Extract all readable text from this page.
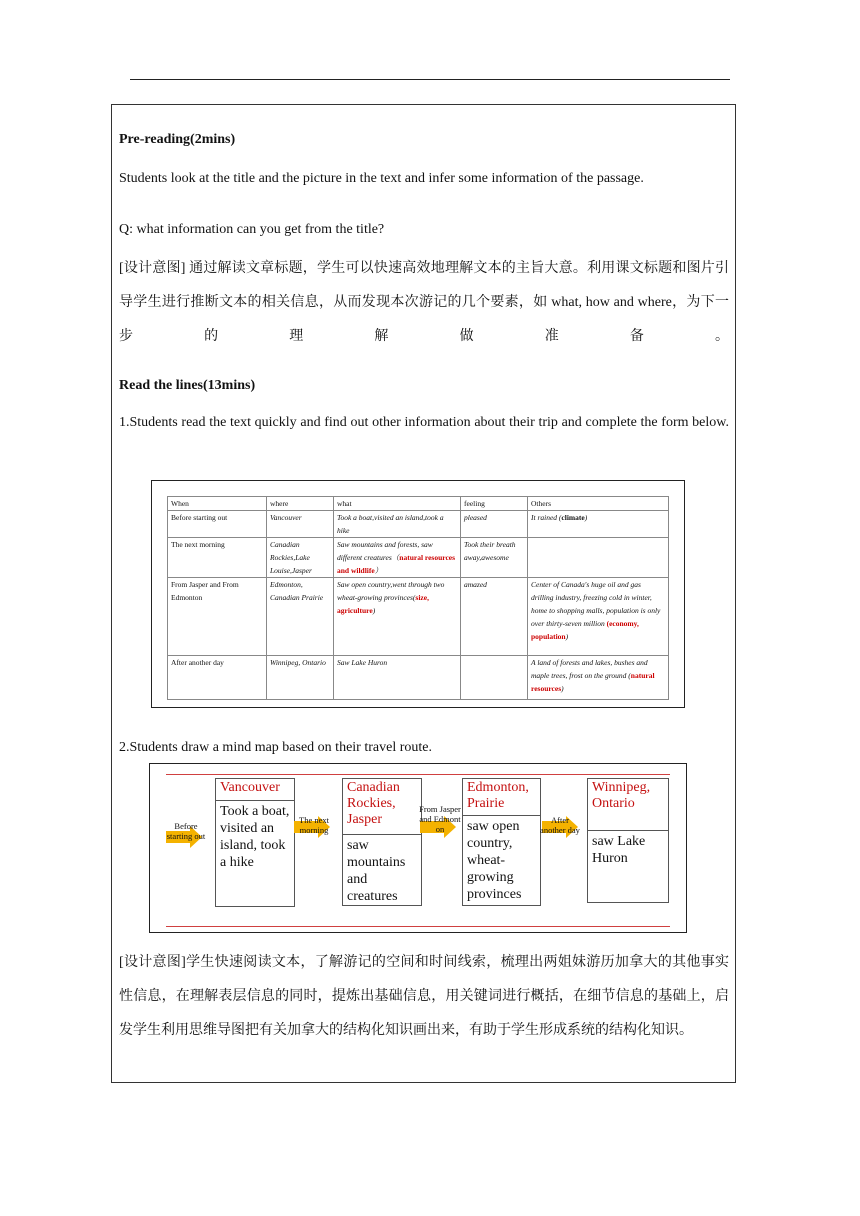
Pre-reading(2mins)
Students look at the title and the picture in the text and infer some information of the passage.
Q: what information can you get from the title?
[设计意图] 通过解读文章标题，学生可以快速高效地理解文本的主旨大意。利用课文标题和图片引导学生进行推断文本的相关信息，从而发现本次游记的几个要素，如 what, how and where，为下一步的理解做准备。
Read the lines(13mins)
1.Students read the text quickly and find out other information about their trip and complete the form below.
When	where	what	feeling	Others
Before starting out	Vancouver	Took a boat,visited an island,took a hike	pleased	It rained (climate)
The next morning	Canadian Rockies,Lake Louise,Jasper	Saw mountains and forests, saw different creatures（natural resources and wildlife）	Took their breath away,awesome	
From Jasper and From Edmonton	Edmonton, Canadian Prairie	Saw open country,went through two wheat-growing provinces(size, agriculture)	amazed	Center of Canada's huge oil and gas drilling industry, freezing cold in winter, home to shopping malls, population is only over thirty-seven million (economy, population)
After another day	Winnipeg, Ontario	Saw Lake Huron		A land of forests and lakes, bushes and maple trees, frost on the ground (natural resources)
2.Students draw a mind map based on their travel route.
Before starting out
Vancouver
Took a boat, visited an island, took a hike
The next morning
Canadian Rockies, Jasper
saw mountains and creatures
From Jasper and Edmont on
Edmonton, Prairie
saw open country, wheat-growing provinces
After another day
Winnipeg, Ontario
saw Lake Huron
[设计意图]学生快速阅读文本，了解游记的空间和时间线索，梳理出两姐妹游历加拿大的其他事实性信息，在理解表层信息的同时，提炼出基础信息，用关键词进行概括，在细节信息的基础上，启发学生利用思维导图把有关加拿大的结构化知识画出来，有助于学生形成系统的结构化知识。
